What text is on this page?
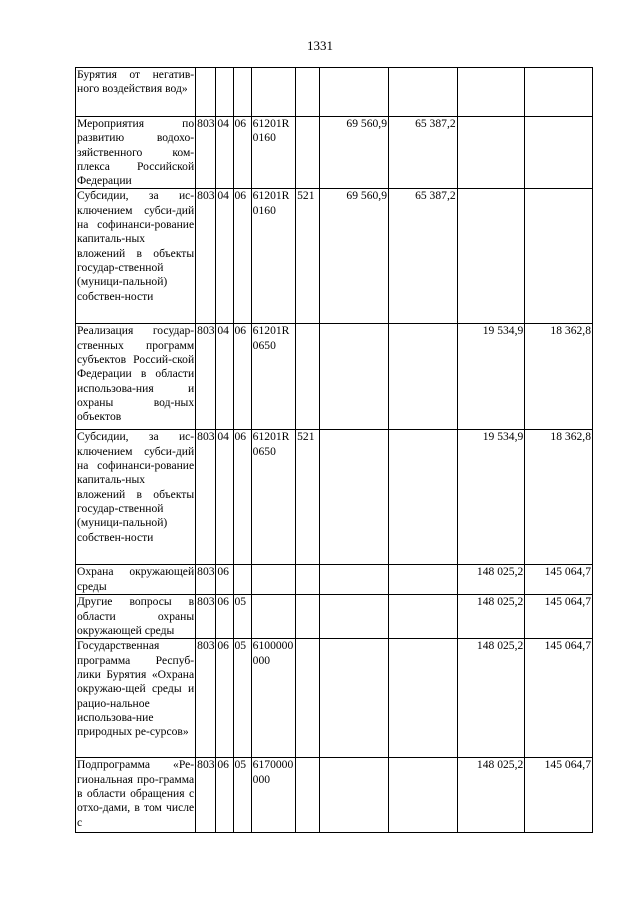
1331
Бурятия от негатив-ного воздействия вод»									
Мероприятия по развитию водохо-зяйственного ком-плекса Российской Федерации	803	04	06	61201R0160		69 560,9	65 387,2		
Субсидии, за ис-ключением субси-дий на софинанси-рование капиталь-ных вложений в объекты государ-ственной (муници-пальной) собствен-ности	803	04	06	61201R0160	521	69 560,9	65 387,2		
Реализация государ-ственных программ субъектов Россий-ской Федерации в области использова-ния и охраны вод-ных объектов	803	04	06	61201R0650				19 534,9	18 362,8
Субсидии, за ис-ключением субси-дий на софинанси-рование капиталь-ных вложений в объекты государ-ственной (муници-пальной) собствен-ности	803	04	06	61201R0650	521			19 534,9	18 362,8
Охрана окружающей среды	803	06						148 025,2	145 064,7
Другие вопросы в области охраны окружающей среды	803	06	05					148 025,2	145 064,7
Государственная программа Респуб-лики Бурятия «Охрана окружаю-щей среды и рацио-нальное использова-ние природных ре-сурсов»	803	06	05	6100000000				148 025,2	145 064,7
Подпрограмма «Ре-гиональная про-грамма в области обращения с отхо-дами, в том числе с	803	06	05	6170000000				148 025,2	145 064,7
